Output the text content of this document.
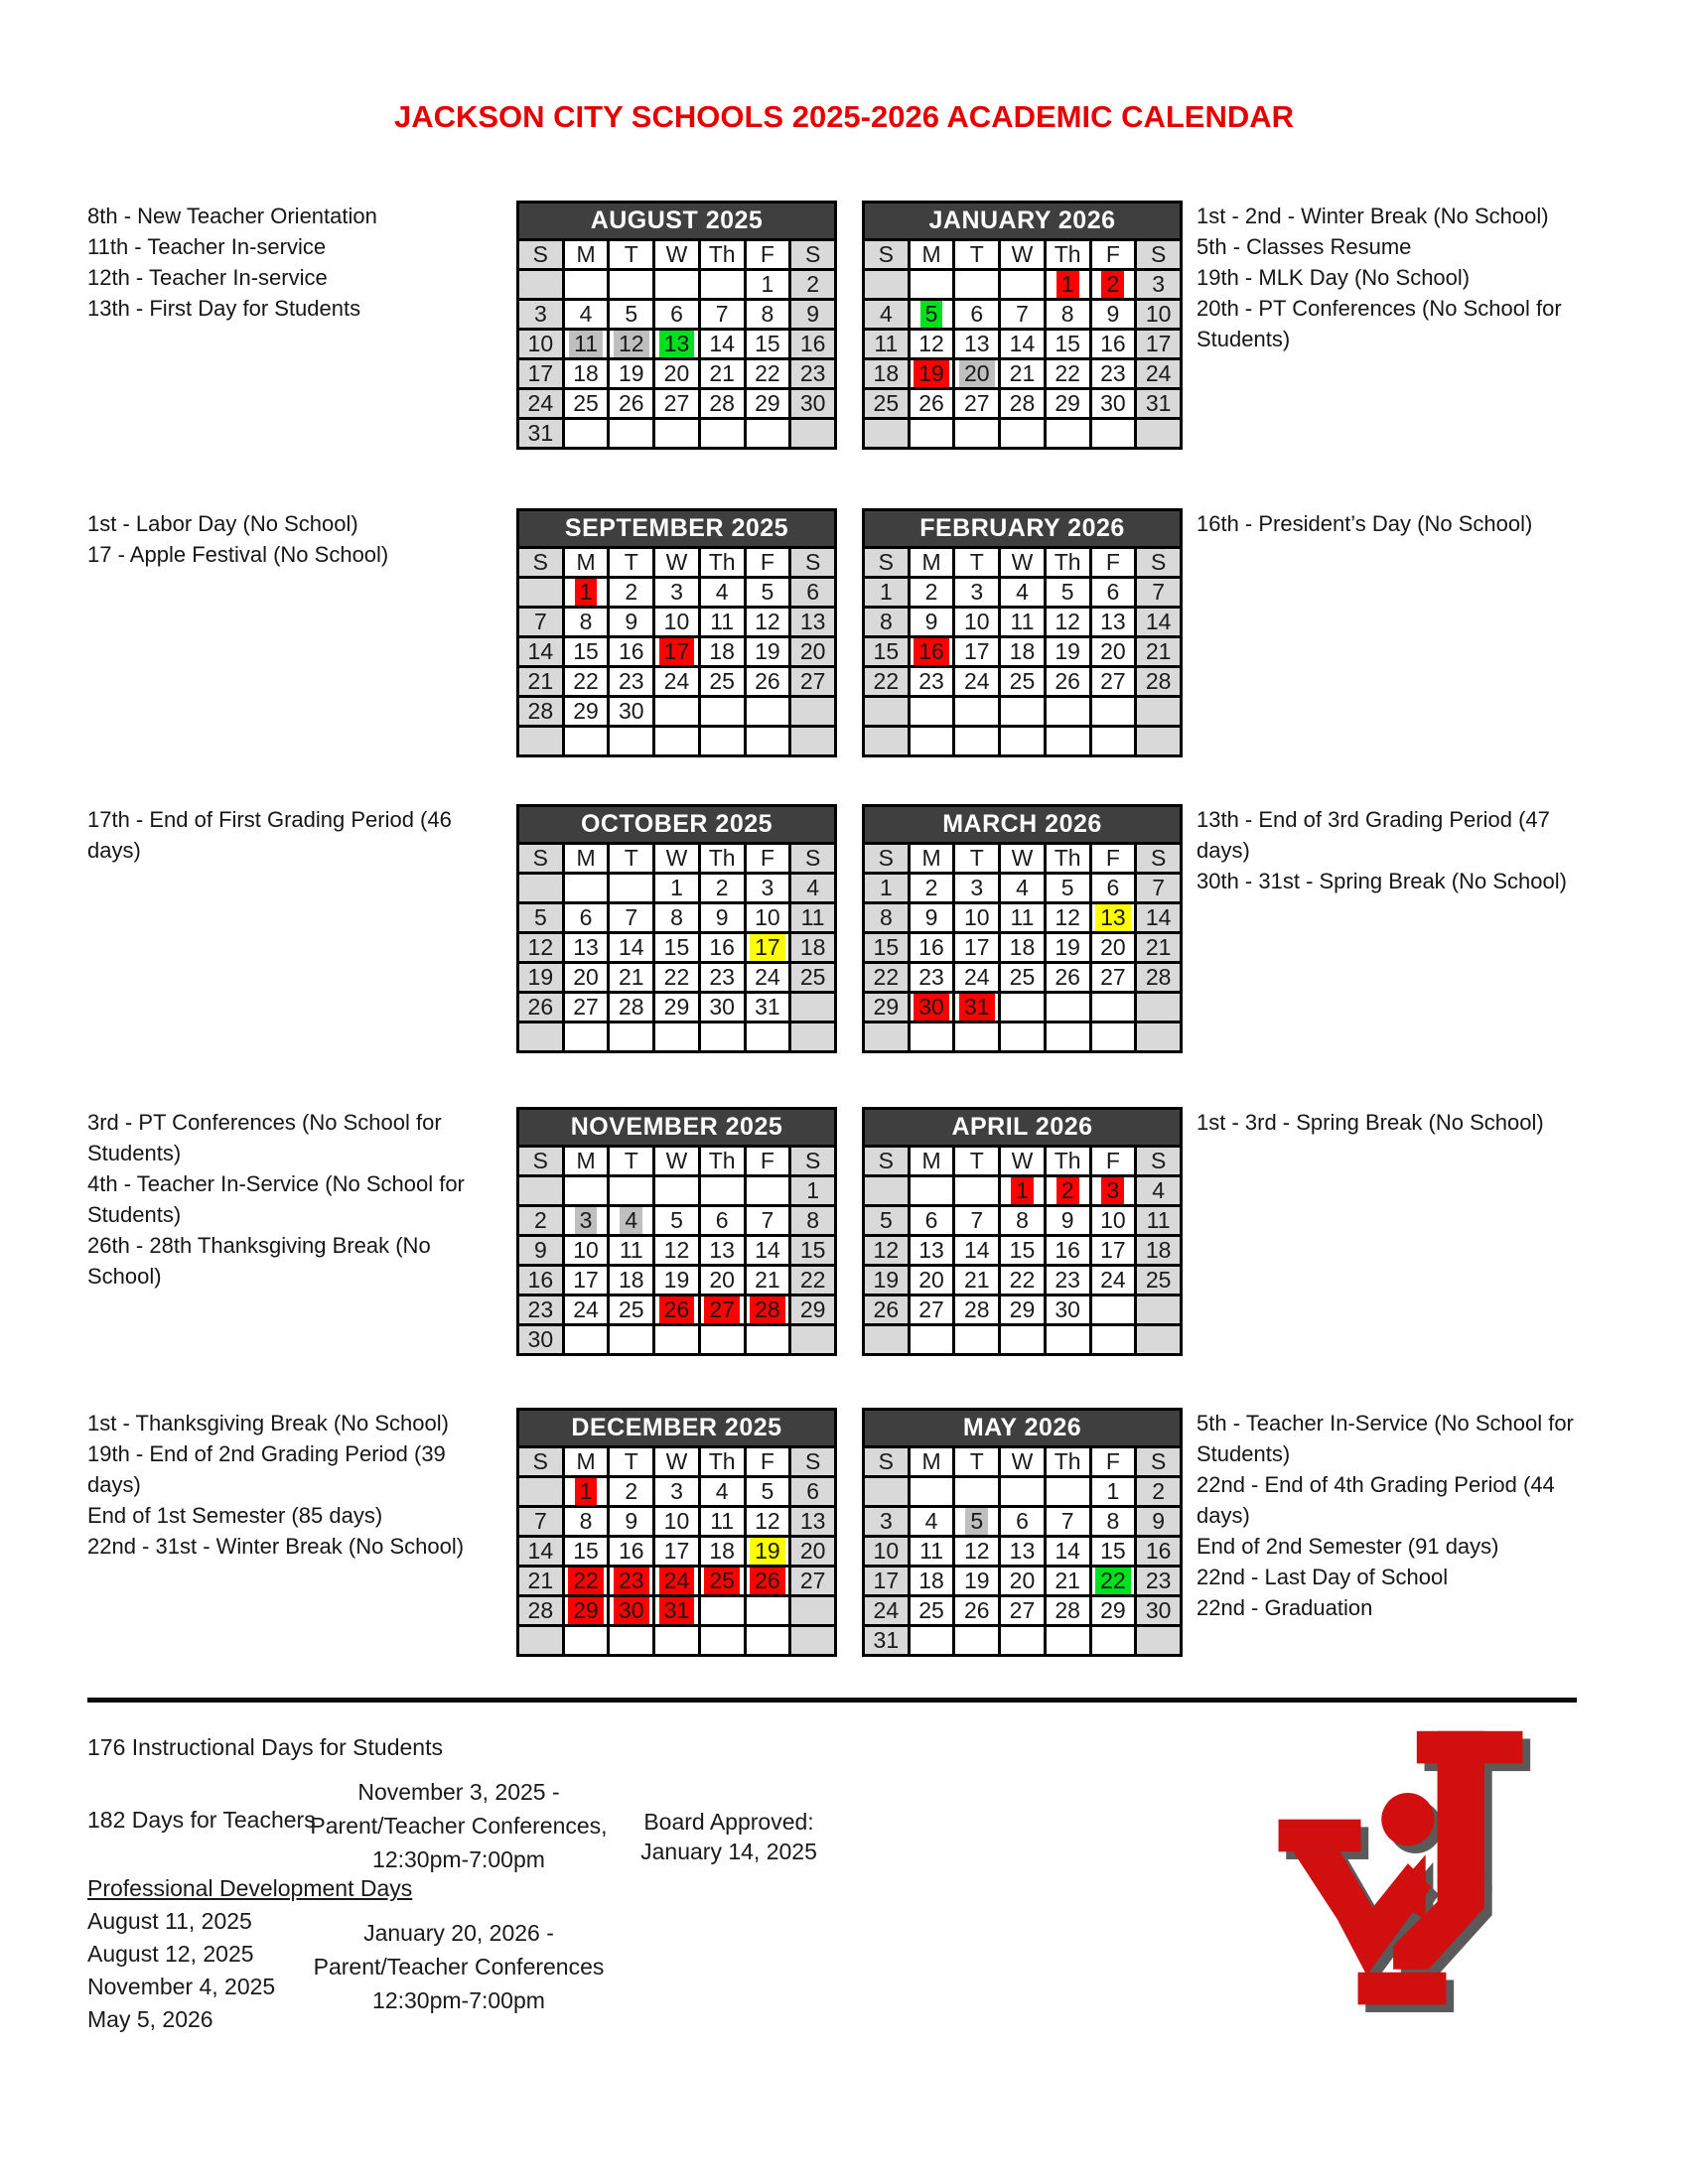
JACKSON CITY SCHOOLS 2025-2026 ACADEMIC CALENDAR
8th - New Teacher Orientation
11th - Teacher In-service
12th - Teacher In-service
13th - First Day for Students
1st - 2nd - Winter Break (No School)
5th - Classes Resume
19th - MLK Day (No School)
20th - PT Conferences (No School for Students)
AUGUST 2025
S	M	T	W	Th	F	S
					1	2
3	4	5	6	7	8	9
10	11	12	13	14	15	16
17	18	19	20	21	22	23
24	25	26	27	28	29	30
31						
JANUARY 2026
S	M	T	W	Th	F	S
				1	2	3
4	5	6	7	8	9	10
11	12	13	14	15	16	17
18	19	20	21	22	23	24
25	26	27	28	29	30	31

1st - Labor Day (No School)
17 - Apple Festival (No School)
16th - President’s Day (No School)
SEPTEMBER 2025
S	M	T	W	Th	F	S
	1	2	3	4	5	6
7	8	9	10	11	12	13
14	15	16	17	18	19	20
21	22	23	24	25	26	27
28	29	30				

FEBRUARY 2026
S	M	T	W	Th	F	S
1	2	3	4	5	6	7
8	9	10	11	12	13	14
15	16	17	18	19	20	21
22	23	24	25	26	27	28

17th - End of First Grading Period (46 days)
13th - End of 3rd Grading Period (47 days)
30th - 31st - Spring Break (No School)
OCTOBER 2025
S	M	T	W	Th	F	S
			1	2	3	4
5	6	7	8	9	10	11
12	13	14	15	16	17	18
19	20	21	22	23	24	25
26	27	28	29	30	31	

MARCH 2026
S	M	T	W	Th	F	S
1	2	3	4	5	6	7
8	9	10	11	12	13	14
15	16	17	18	19	20	21
22	23	24	25	26	27	28
29	30	31				

3rd - PT Conferences (No School for Students)
4th - Teacher In-Service (No School for Students)
26th - 28th Thanksgiving Break (No School)
1st - 3rd - Spring Break (No School)
NOVEMBER 2025
S	M	T	W	Th	F	S
						1
2	3	4	5	6	7	8
9	10	11	12	13	14	15
16	17	18	19	20	21	22
23	24	25	26	27	28	29
30						
APRIL 2026
S	M	T	W	Th	F	S
			1	2	3	4
5	6	7	8	9	10	11
12	13	14	15	16	17	18
19	20	21	22	23	24	25
26	27	28	29	30		

1st - Thanksgiving Break (No School)
19th - End of 2nd Grading Period (39 days)
End of 1st Semester (85 days)
22nd - 31st - Winter Break (No School)
5th - Teacher In-Service (No School for Students)
22nd - End of 4th Grading Period (44 days)
End of 2nd Semester (91 days)
22nd - Last Day of School
22nd - Graduation
DECEMBER 2025
S	M	T	W	Th	F	S
	1	2	3	4	5	6
7	8	9	10	11	12	13
14	15	16	17	18	19	20
21	22	23	24	25	26	27
28	29	30	31			

MAY 2026
S	M	T	W	Th	F	S
					1	2
3	4	5	6	7	8	9
10	11	12	13	14	15	16
17	18	19	20	21	22	23
24	25	26	27	28	29	30
31						
176 Instructional Days for Students
182 Days for Teachers
Professional Development Days
August 11, 2025
August 12, 2025
November 4, 2025
May 5, 2026
November 3, 2025 -
Parent/Teacher Conferences,
12:30pm-7:00pm
January 20, 2026 -
Parent/Teacher Conferences
12:30pm-7:00pm
Board Approved:
January 14, 2025
